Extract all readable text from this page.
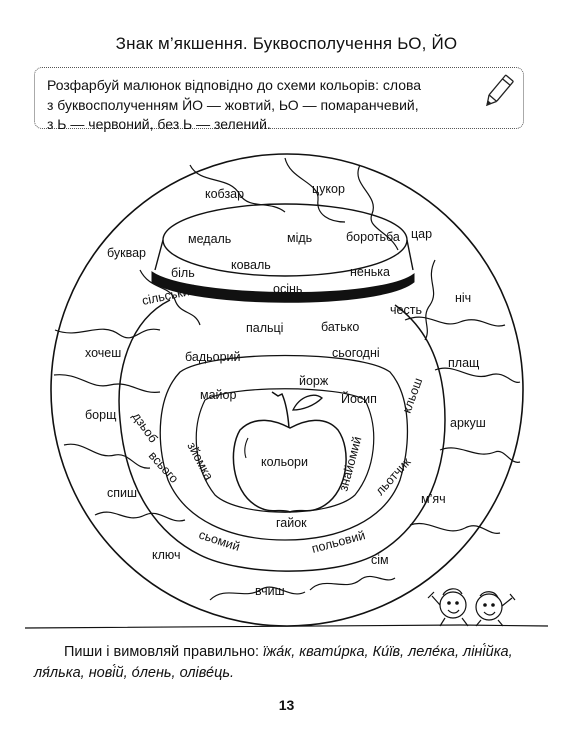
Знак м’якшення. Буквосполучення ЬО, ЙО
Розфарбуй малюнок відповідно до схеми кольорів: слова
з буквосполученням ЙО — жовтий, ЬО — помаранчевий,
з Ь — червоний, без Ь — зелений.
кобзар	цукор
медаль	мідь	боротьба цар
буквар
біль
коваль	ненька
осінь
сільський
пальці	батько
честь
ніч
хочеш	бадьорий	сьогодні
плащ
йорж
майор	Йосип
дзьоб
кльош
борщ
аркуш
кольори знайомий
всього зйомка	льотчик
спиш	м’яч
гайок
сьомий	польовий
ключ	сім
вчиш
Пиши і вимовляй правильно: їжа́к, квати́рка, Ки́їв, леле́ка, ліні́йка,
ля́лька, нові́й, о́лень, оліве́ць.
13
